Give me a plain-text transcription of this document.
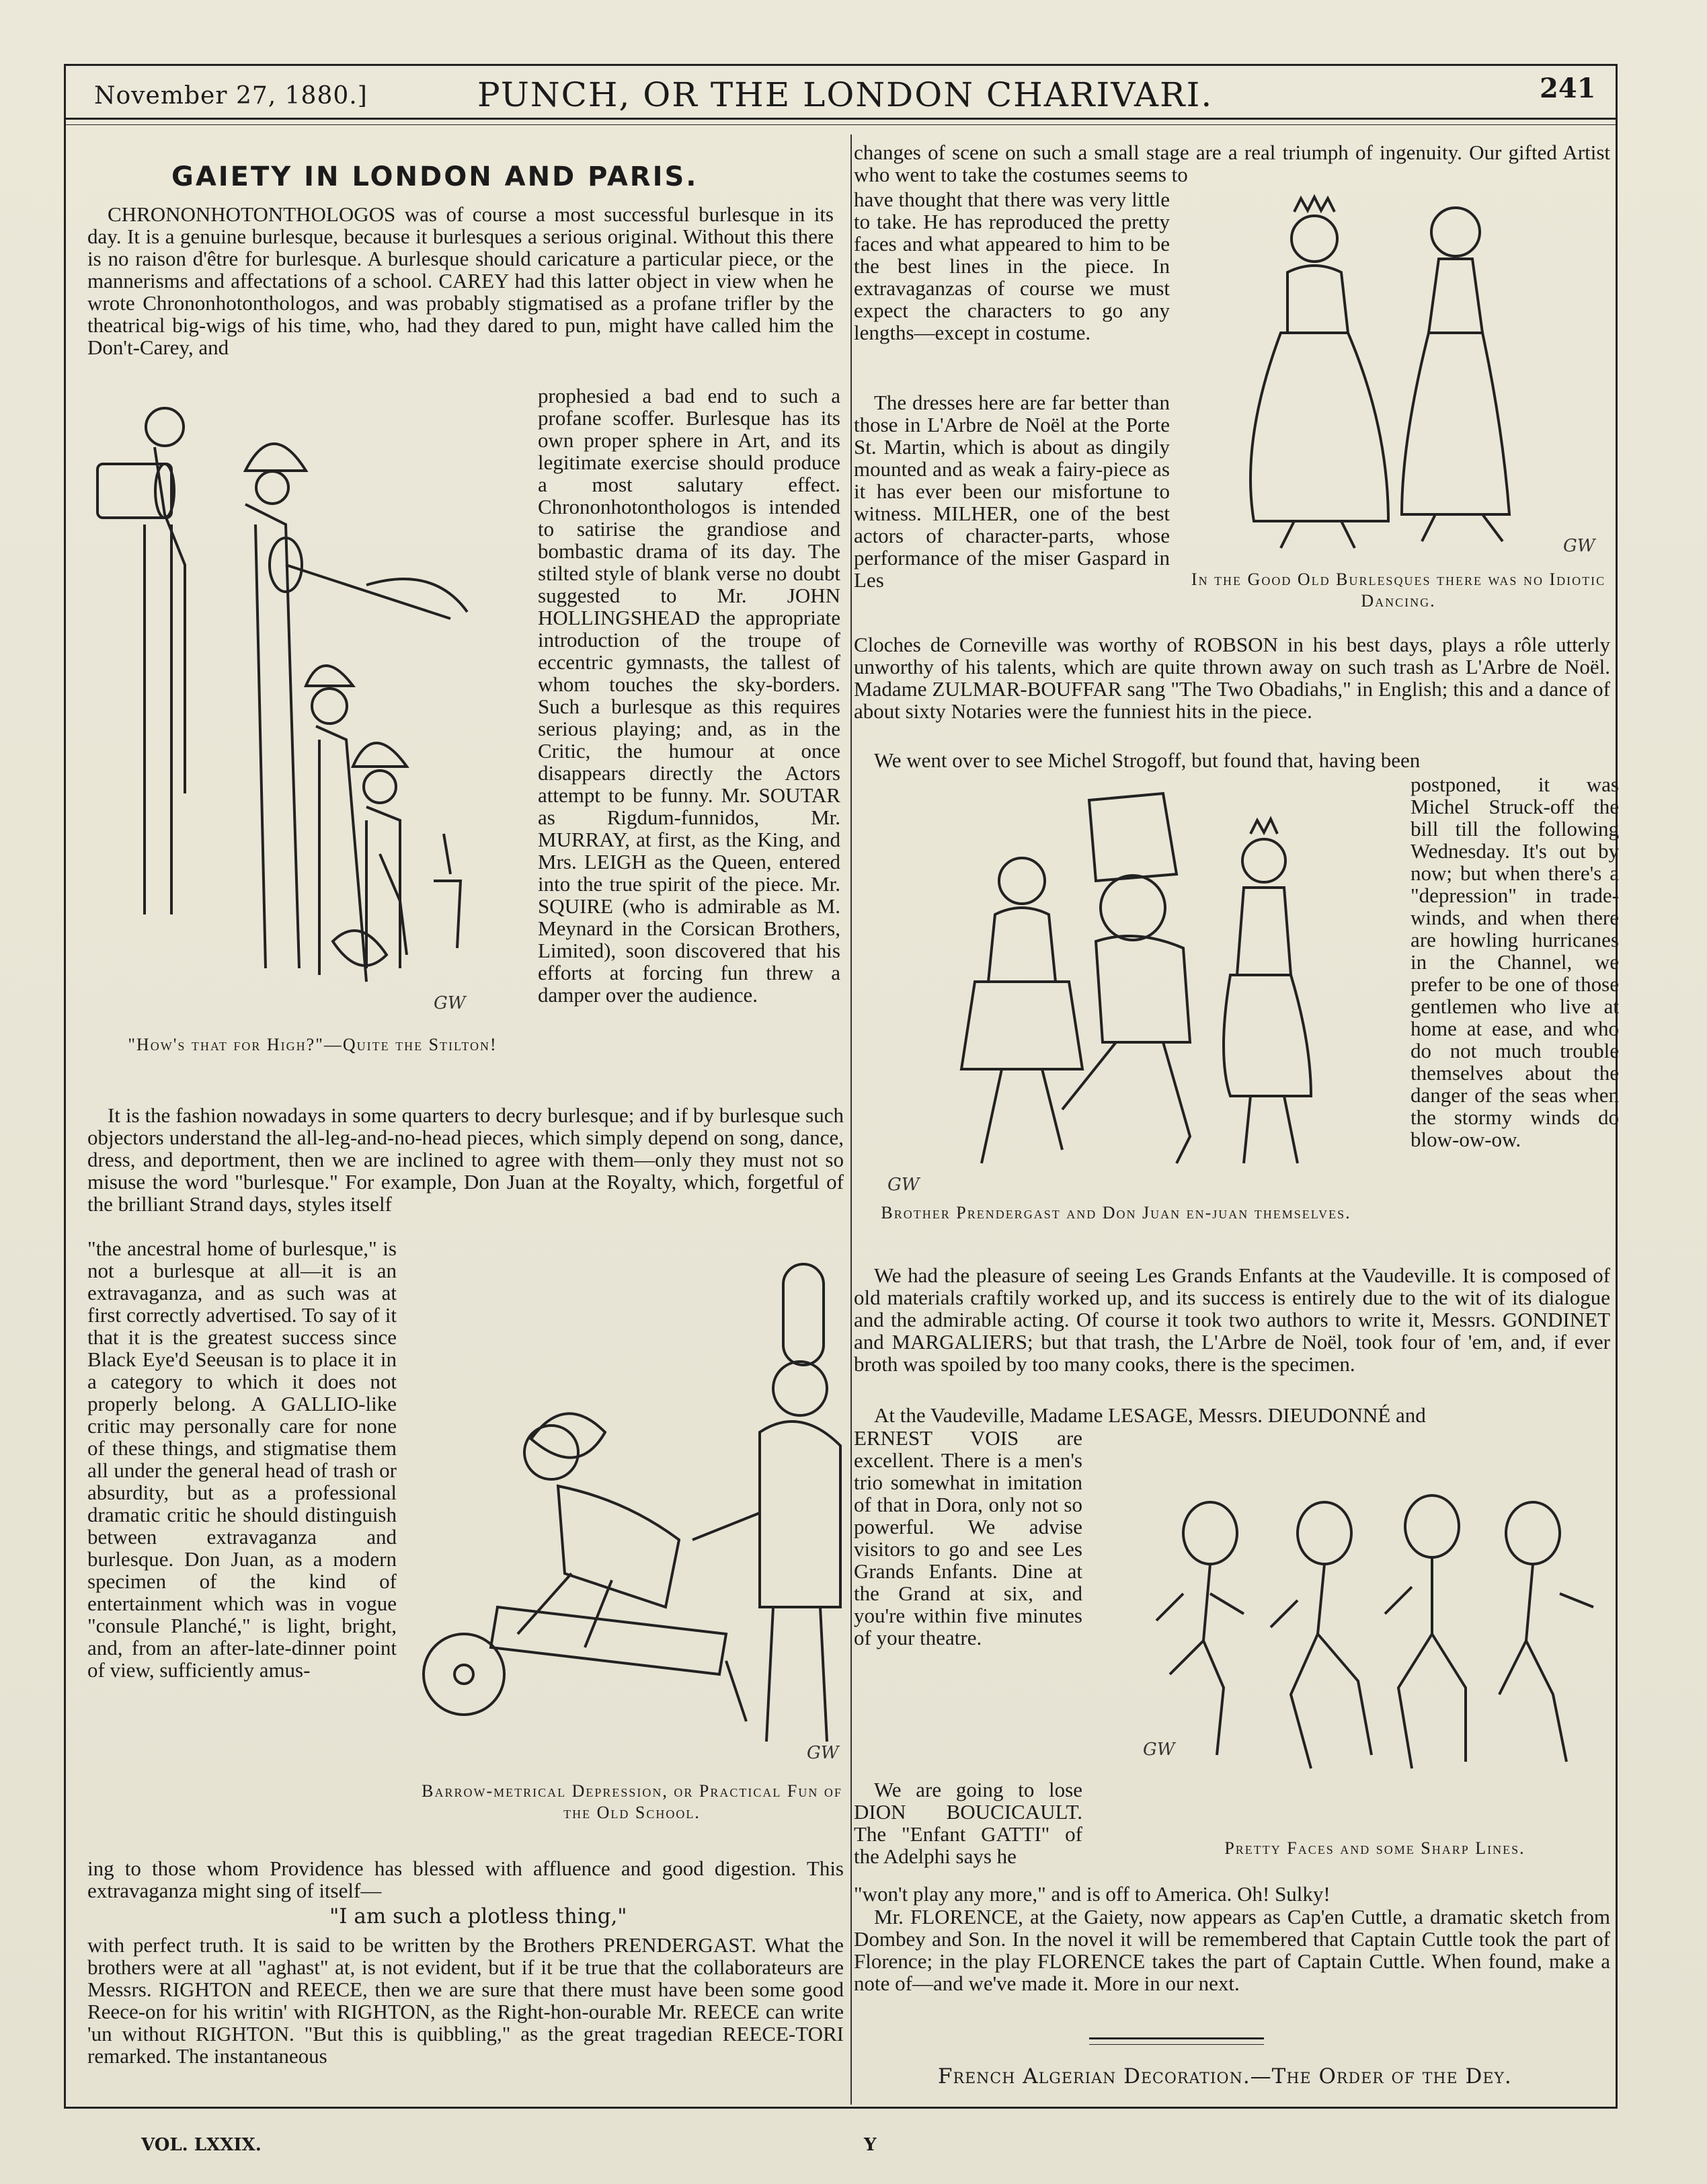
November 27, 1880.]	PUNCH, OR THE LONDON CHARIVARI.	241
GAIETY IN LONDON AND PARIS.

CHRONONHOTONTHOLOGOS was of course a most successful burlesque in its day. It is a genuine burlesque, because it burlesques a serious original. Without this there is no raison d'être for burlesque. A burlesque should caricature a particular piece, or the mannerisms and affectations of a school. CAREY had this latter object in view when he wrote Chrononhotonthologos, and was probably stigmatised as a profane trifler by the theatrical big-wigs of his time, who, had they dared to pun, might have called him the Don't-Carey, and

GW
"How's that for High?"—Quite the Stilton!

prophesied a bad end to such a profane scoffer. Burlesque has its own proper sphere in Art, and its legitimate exercise should produce a most salutary effect. Chrononhotonthologos is intended to satirise the grandiose and bombastic drama of its day. The stilted style of blank verse no doubt suggested to Mr. JOHN HOLLINGSHEAD the appropriate introduction of the troupe of eccentric gymnasts, the tallest of whom touches the sky-borders. Such a burlesque as this requires serious playing; and, as in the Critic, the humour at once disappears directly the Actors attempt to be funny. Mr. SOUTAR as Rigdum-funnidos, Mr. MURRAY, at first, as the King, and Mrs. LEIGH as the Queen, entered into the true spirit of the piece. Mr. SQUIRE (who is admirable as M. Meynard in the Corsican Brothers, Limited), soon discovered that his efforts at forcing fun threw a damper over the audience.

It is the fashion nowadays in some quarters to decry burlesque; and if by burlesque such objectors understand the all-leg-and-no-head pieces, which simply depend on song, dance, dress, and deportment, then we are inclined to agree with them—only they must not so misuse the word "burlesque." For example, Don Juan at the Royalty, which, forgetful of the brilliant Strand days, styles itself

"the ancestral home of burlesque," is not a burlesque at all—it is an extravaganza, and as such was at first correctly advertised. To say of it that it is the greatest success since Black Eye'd Seeusan is to place it in a category to which it does not properly belong. A GALLIO-like critic may personally care for none of these things, and stigmatise them all under the general head of trash or absurdity, but as a professional dramatic critic he should distinguish between extravaganza and burlesque. Don Juan, as a modern specimen of the kind of entertainment which was in vogue "consule Planché," is light, bright, and, from an after-late-dinner point of view, sufficiently amus-

GW
Barrow-metrical Depression, or Practical Fun of the Old School.

ing to those whom Providence has blessed with affluence and good digestion. This extravaganza might sing of itself—

"I am such a plotless thing,"

with perfect truth. It is said to be written by the Brothers PRENDERGAST. What the brothers were at all "aghast" at, is not evident, but if it be true that the collaborateurs are Messrs. RIGHTON and REECE, then we are sure that there must have been some good Reece-on for his writin' with RIGHTON, as the Right-hon-ourable Mr. REECE can write 'un without RIGHTON. "But this is quibbling," as the great tragedian REECE-TORI remarked. The instantaneous

changes of scene on such a small stage are a real triumph of ingenuity. Our gifted Artist who went to take the costumes seems to

have thought that there was very little to take. He has reproduced the pretty faces and what appeared to him to be the best lines in the piece. In extravaganzas of course we must expect the characters to go any lengths—except in costume.

The dresses here are far better than those in L'Arbre de Noël at the Porte St. Martin, which is about as dingily mounted and as weak a fairy-piece as it has ever been our misfortune to witness. MILHER, one of the best actors of character-parts, whose performance of the miser Gaspard in Les

GW
In the Good Old Burlesques there was no Idiotic Dancing.

Cloches de Corneville was worthy of ROBSON in his best days, plays a rôle utterly unworthy of his talents, which are quite thrown away on such trash as L'Arbre de Noël. Madame ZULMAR-BOUFFAR sang "The Two Obadiahs," in English; this and a dance of about sixty Notaries were the funniest hits in the piece.

We went over to see Michel Strogoff, but found that, having been

GW
Brother Prendergast and Don Juan en-juan themselves.

postponed, it was Michel Struck-off the bill till the following Wednesday. It's out by now; but when there's a "depression" in trade-winds, and when there are howling hurricanes in the Channel, we prefer to be one of those gentlemen who live at home at ease, and who do not much trouble themselves about the danger of the seas when the stormy winds do blow-ow-ow.

We had the pleasure of seeing Les Grands Enfants at the Vaudeville. It is composed of old materials craftily worked up, and its success is entirely due to the wit of its dialogue and the admirable acting. Of course it took two authors to write it, Messrs. GONDINET and MARGALIERS; but that trash, the L'Arbre de Noël, took four of 'em, and, if ever broth was spoiled by too many cooks, there is the specimen.

At the Vaudeville, Madame LESAGE, Messrs. DIEUDONNÉ and

ERNEST VOIS are excellent. There is a men's trio somewhat in imitation of that in Dora, only not so powerful. We advise visitors to go and see Les Grands Enfants. Dine at the Grand at six, and you're within five minutes of your theatre.

We are going to lose DION BOUCICAULT. The "Enfant GATTI" of the Adelphi says he

GW
Pretty Faces and some Sharp Lines.

"won't play any more," and is off to America. Oh! Sulky!

Mr. FLORENCE, at the Gaiety, now appears as Cap'en Cuttle, a dramatic sketch from Dombey and Son. In the novel it will be remembered that Captain Cuttle took the part of Florence; in the play FLORENCE takes the part of Captain Cuttle. When found, make a note of—and we've made it. More in our next.

French Algerian Decoration.—The Order of the Dey.
VOL. LXXIX.	Y
